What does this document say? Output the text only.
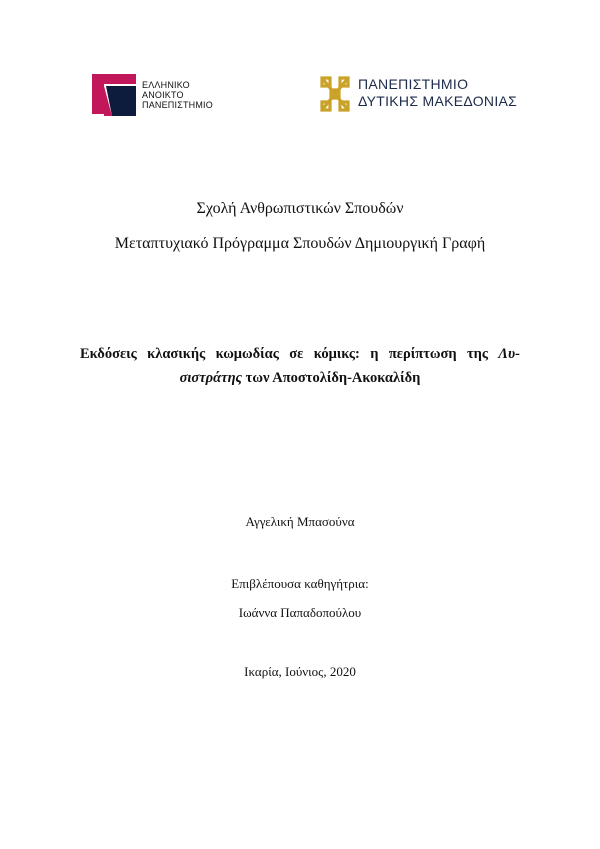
ΕΛΛΗΝΙΚΟ
ΑΝΟΙΚΤΟ
ΠΑΝΕΠΙΣΤΗΜΙΟ
ΠΑΝΕΠΙΣΤΗΜΙΟ
ΔΥΤΙΚΗΣ ΜΑΚΕΔΟΝΙΑΣ
Σχολή Ανθρωπιστικών Σπουδών
Μεταπτυχιακό Πρόγραμμα Σπουδών Δημιουργική Γραφή
Εκδόσεις κλασικής κωμωδίας σε κόμικς: η περίπτωση της Λυ-
σιστράτης των Αποστολίδη-Ακοκαλίδη
Αγγελική Μπασούνα
Επιβλέπουσα καθηγήτρια:
Ιωάννα Παπαδοπούλου
Ικαρία, Ιούνιος, 2020
